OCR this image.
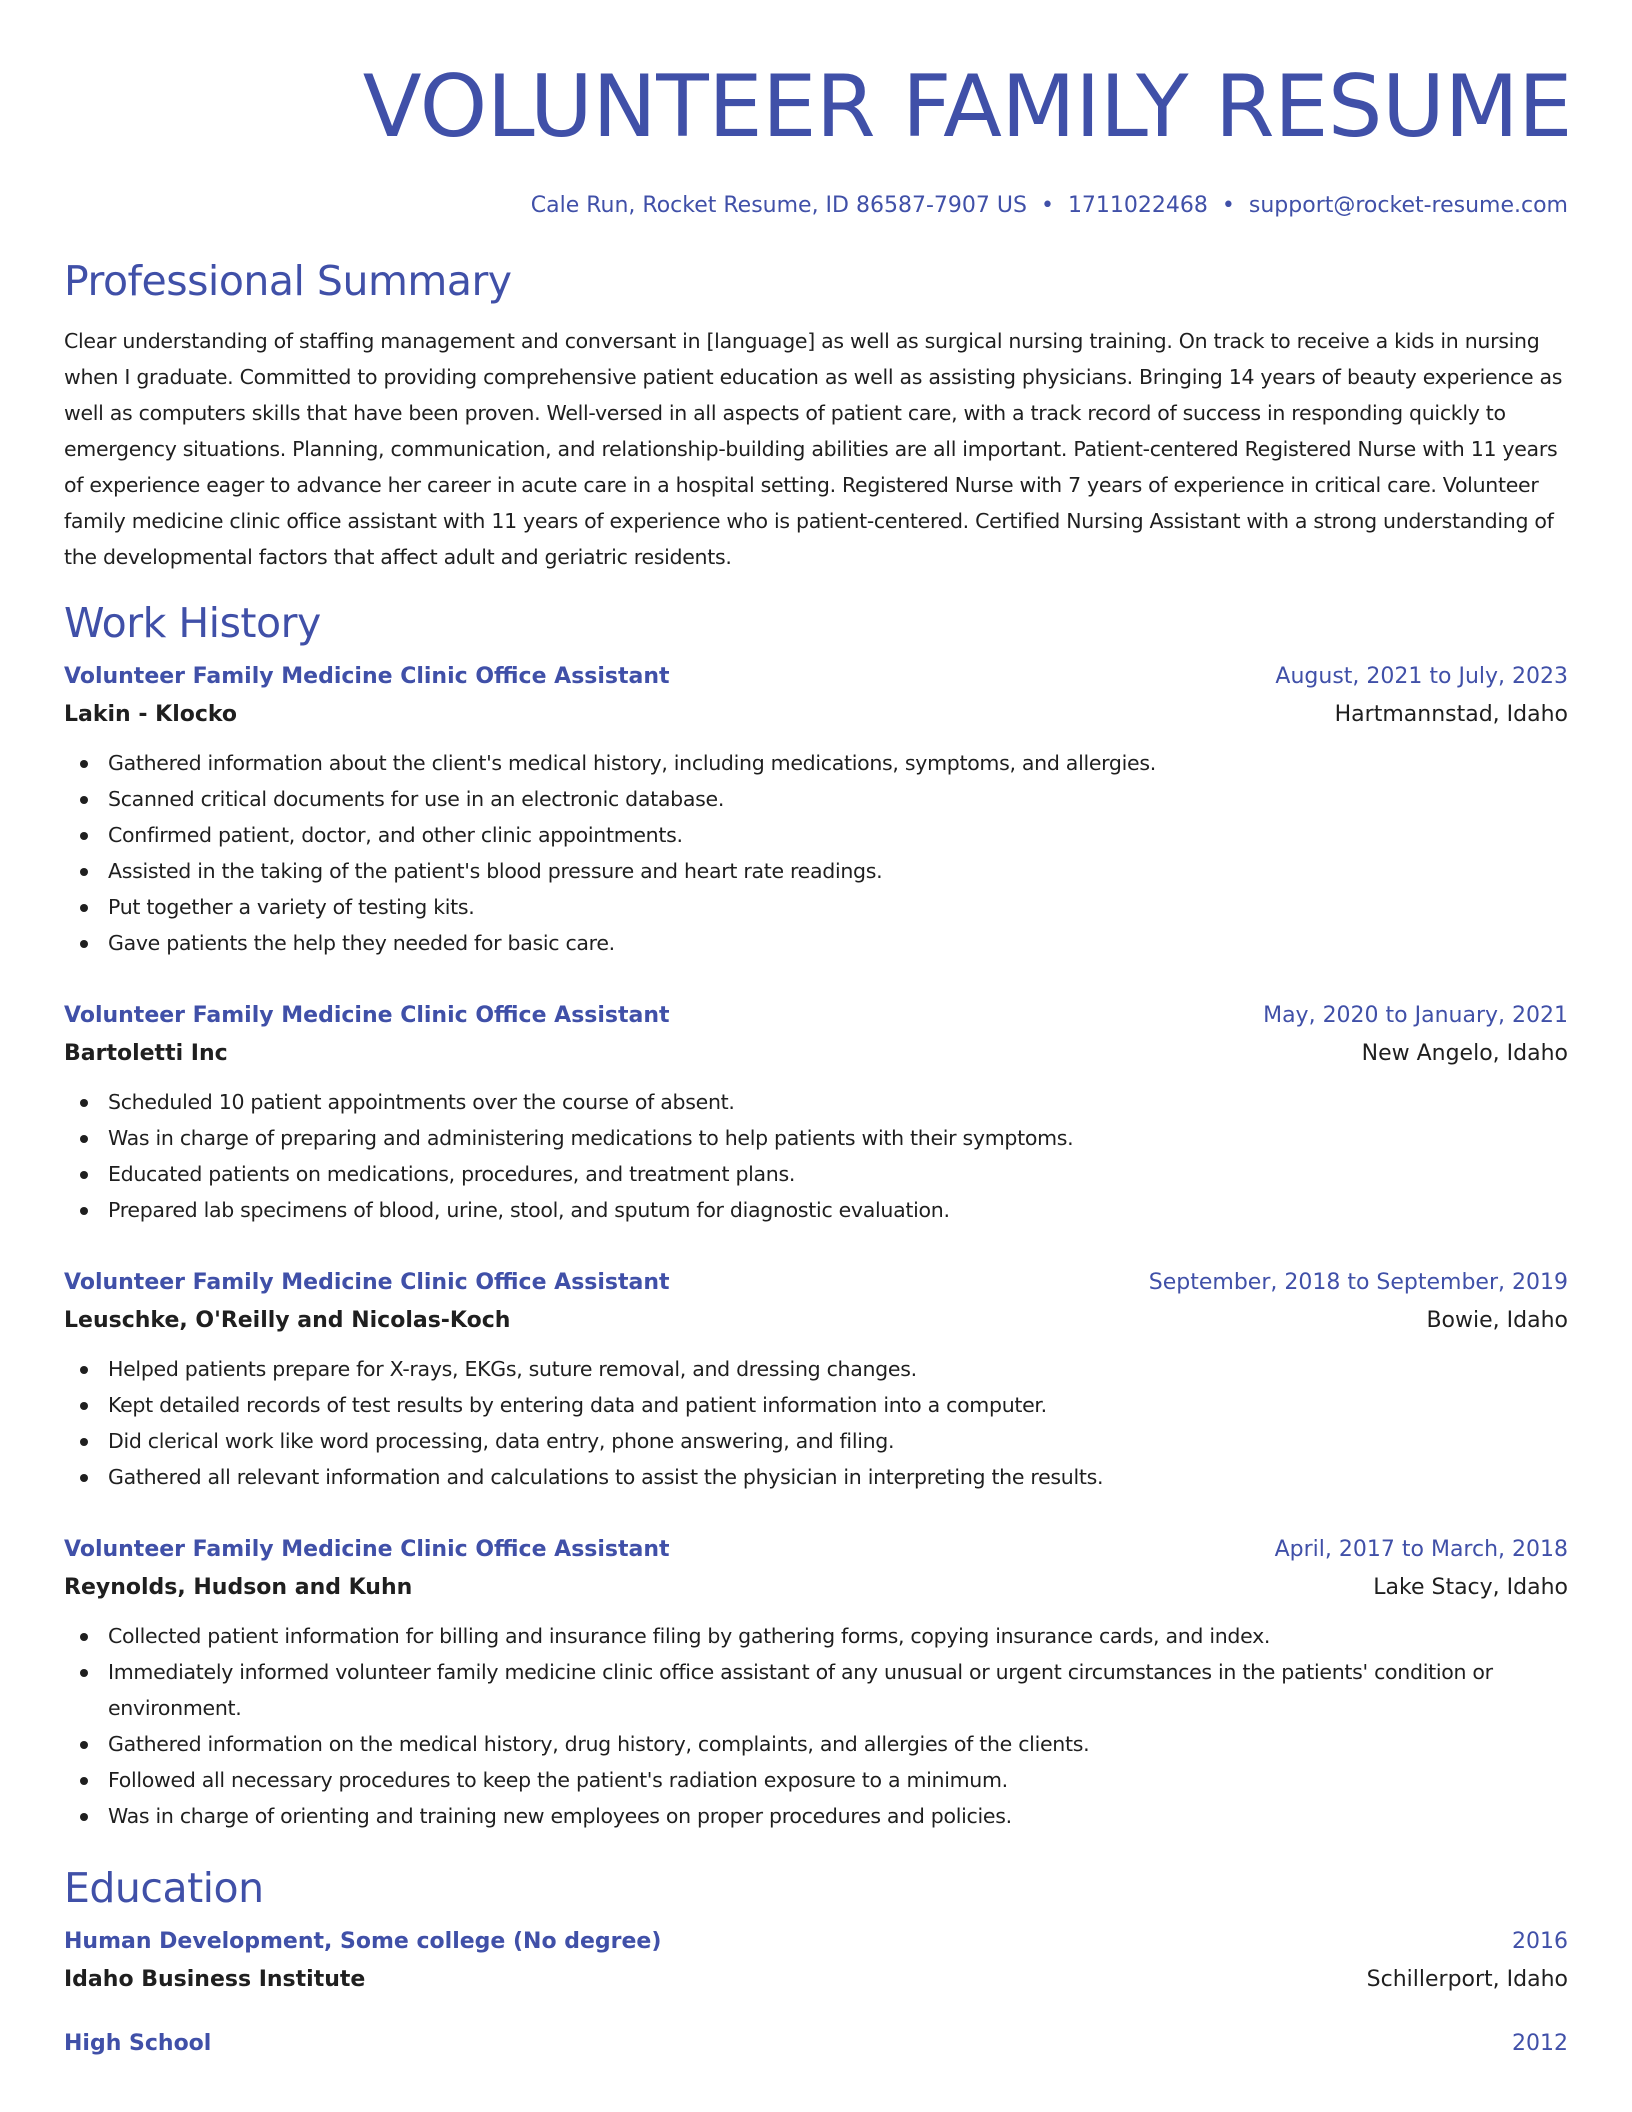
VOLUNTEER FAMILY RESUME
Cale Run, Rocket Resume, ID 86587-7907 US • 1711022468 • support@rocket-resume.com
Professional Summary

Clear understanding of staffing management and conversant in [language] as well as surgical nursing training. On track to receive a kids in nursing when I graduate. Committed to providing comprehensive patient education as well as assisting physicians. Bringing 14 years of beauty experience as well as computers skills that have been proven. Well-versed in all aspects of patient care, with a track record of success in responding quickly to emergency situations. Planning, communication, and relationship-building abilities are all important. Patient-centered Registered Nurse with 11 years of experience eager to advance her career in acute care in a hospital setting. Registered Nurse with 7 years of experience in critical care. Volunteer family medicine clinic office assistant with 11 years of experience who is patient-centered. Certified Nursing Assistant with a strong understanding of the developmental factors that affect adult and geriatric residents.

Work History
Volunteer Family Medicine Clinic Office Assistant	August, 2021 to July, 2023
Lakin - Klocko	Hartmannstad, Idaho
Gathered information about the client's medical history, including medications, symptoms, and allergies.
Scanned critical documents for use in an electronic database.
Confirmed patient, doctor, and other clinic appointments.
Assisted in the taking of the patient's blood pressure and heart rate readings.
Put together a variety of testing kits.
Gave patients the help they needed for basic care.
Volunteer Family Medicine Clinic Office Assistant	May, 2020 to January, 2021
Bartoletti Inc	New Angelo, Idaho
Scheduled 10 patient appointments over the course of absent.
Was in charge of preparing and administering medications to help patients with their symptoms.
Educated patients on medications, procedures, and treatment plans.
Prepared lab specimens of blood, urine, stool, and sputum for diagnostic evaluation.
Volunteer Family Medicine Clinic Office Assistant	September, 2018 to September, 2019
Leuschke, O'Reilly and Nicolas-Koch	Bowie, Idaho
Helped patients prepare for X-rays, EKGs, suture removal, and dressing changes.
Kept detailed records of test results by entering data and patient information into a computer.
Did clerical work like word processing, data entry, phone answering, and filing.
Gathered all relevant information and calculations to assist the physician in interpreting the results.
Volunteer Family Medicine Clinic Office Assistant	April, 2017 to March, 2018
Reynolds, Hudson and Kuhn	Lake Stacy, Idaho
Collected patient information for billing and insurance filing by gathering forms, copying insurance cards, and index.
Immediately informed volunteer family medicine clinic office assistant of any unusual or urgent circumstances in the patients' condition or environment.
Gathered information on the medical history, drug history, complaints, and allergies of the clients.
Followed all necessary procedures to keep the patient's radiation exposure to a minimum.
Was in charge of orienting and training new employees on proper procedures and policies.
Education
Human Development, Some college (No degree)	2016
Idaho Business Institute	Schillerport, Idaho
High School	2012
